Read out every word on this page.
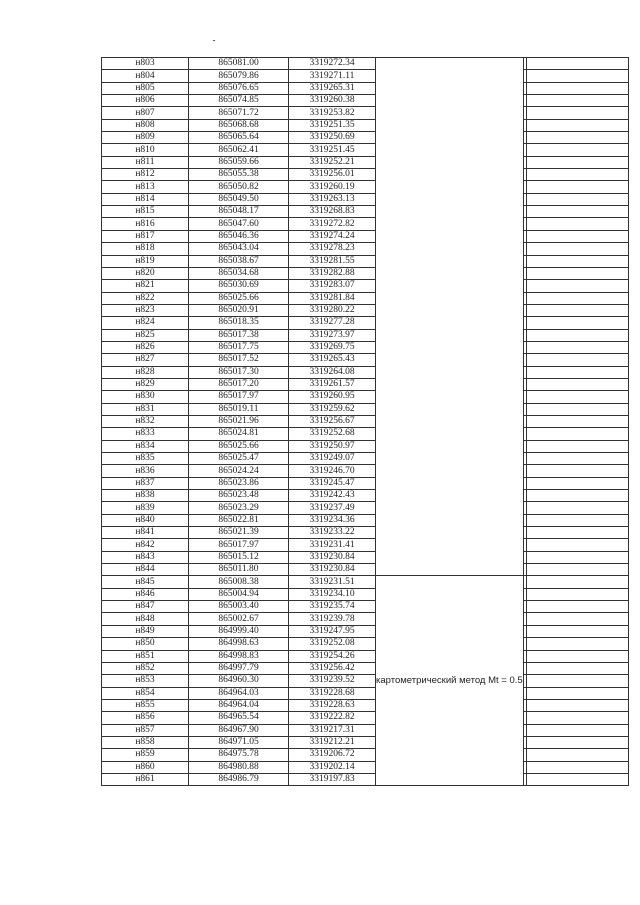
н803	865081.00	3319272.34			
н804	865079.86	3319271.11			
н805	865076.65	3319265.31			
н806	865074.85	3319260.38			
н807	865071.72	3319253.82			
н808	865068.68	3319251.35			
н809	865065.64	3319250.69			
н810	865062.41	3319251.45			
н811	865059.66	3319252.21			
н812	865055.38	3319256.01			
н813	865050.82	3319260.19			
н814	865049.50	3319263.13			
н815	865048.17	3319268.83			
н816	865047.60	3319272.82			
н817	865046.36	3319274.24			
н818	865043.04	3319278.23			
н819	865038.67	3319281.55			
н820	865034.68	3319282.88			
н821	865030.69	3319283.07			
н822	865025.66	3319281.84			
н823	865020.91	3319280.22			
н824	865018.35	3319277.28			
н825	865017.38	3319273.97			
н826	865017.75	3319269.75			
н827	865017.52	3319265.43			
н828	865017.30	3319264.08			
н829	865017.20	3319261.57			
н830	865017.97	3319260.95			
н831	865019.11	3319259.62			
н832	865021.96	3319256.67			
н833	865024.81	3319252.68			
н834	865025.66	3319250.97			
н835	865025.47	3319249.07			
н836	865024.24	3319246.70			
н837	865023.86	3319245.47			
н838	865023.48	3319242.43			
н839	865023.29	3319237.49			
н840	865022.81	3319234.36			
н841	865021.39	3319233.22			
н842	865017.97	3319231.41			
н843	865015.12	3319230.84			
н844	865011.80	3319230.84			
н845	865008.38	3319231.51	картометрический метод Mt = 0.5		
н846	865004.94	3319234.10			
н847	865003.40	3319235.74			
н848	865002.67	3319239.78			
н849	864999.40	3319247.95			
н850	864998.63	3319252.08			
н851	864998.83	3319254.26			
н852	864997.79	3319256.42			
н853	864960.30	3319239.52			
н854	864964.03	3319228.68			
н855	864964.04	3319228.63			
н856	864965.54	3319222.82			
н857	864967.90	3319217.31			
н858	864971.05	3319212.21			
н859	864975.78	3319206.72			
н860	864980.88	3319202.14			
н861	864986.79	3319197.83			
